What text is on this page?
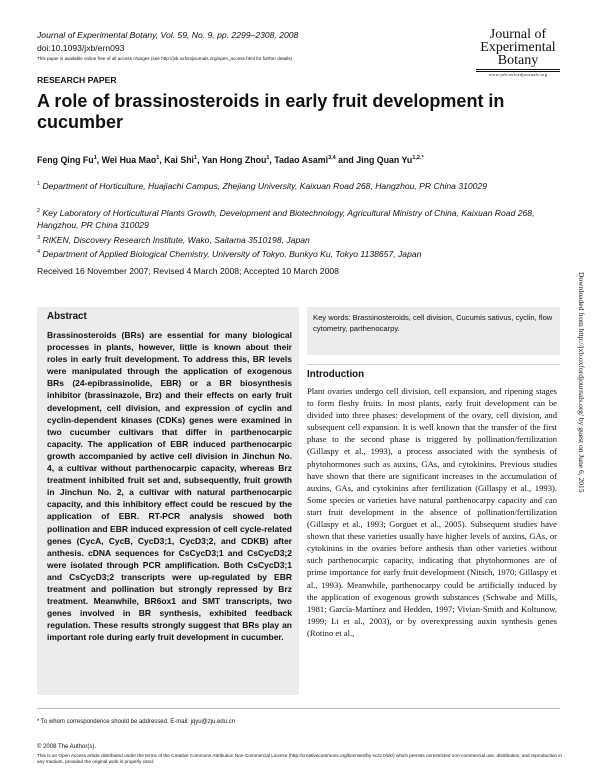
Journal of Experimental Botany, Vol. 59, No. 9, pp. 2299–2308, 2008
doi:10.1093/jxb/ern093
This paper is available online free of all access charges (see http://jxb.oxfordjournals.org/open_access.html for further details)
Journal of
Experimental
Botany
www.jxb.oxfordjournals.org
RESEARCH PAPER
A role of brassinosteroids in early fruit development in cucumber
Feng Qing Fu$^1$, Wei Hua Mao$^1$, Kai Shi$^1$, Yan Hong Zhou$^1$, Tadao Asami$^{3,4}$ and Jing Quan $Yu^{1,2,*}$
$^1$ Department of Horticulture, Huajiachi Campus, Zhejiang University, Kaixuan Road 268, Hangzhou, PR China 310029
$^2$ Key Laboratory of Horticultural Plants Growth, Development and Biotechnology, Agricultural Ministry of China, Kaixuan Road 268, Hangzhou, PR China 310029
$^3$ RIKEN, Discovery Research Institute, Wako, Saitama 3510198, Japan
$^4$ Department of Applied Biological Chemistry, University of Tokyo, Bunkyo Ku, Tokyo 1138657, Japan
Received 16 November 2007; Revised 4 March 2008; Accepted 10 March 2008
Downloaded from http://jxb.oxfordjournals.org/ by guest on June 6, 2015
Abstract
Brassinosteroids (BRs) are essential for many biological processes in plants, however, little is known about their roles in early fruit development. To address this, BR levels were manipulated through the application of exogenous BRs (24-epibrassinolide, EBR) or a BR biosynthesis inhibitor (brassinazole, Brz) and their effects on early fruit development, cell division, and expression of cyclin and cyclin-dependent kinases (CDKs) genes were examined in two cucumber cultivars that differ in parthenocarpic capacity. The application of EBR induced parthenocarpic growth accompanied by active cell division in Jinchun No. 4, a cultivar without parthenocarpic capacity, whereas Brz treatment inhibited fruit set and, subsequently, fruit growth in Jinchun No. 2, a cultivar with natural parthenocarpic capacity, and this inhibitory effect could be rescued by the application of EBR. RT-PCR analysis showed both pollination and EBR induced expression of cell cycle-related genes (CycA, CycB, CycD3;1, CycD3;2, and CDKB) after anthesis. cDNA sequences for CsCycD3;1 and CsCycD3;2 were isolated through PCR amplification. Both CsCycD3;1 and CsCycD3;2 transcripts were up-regulated by EBR treatment and pollination but strongly repressed by Brz treatment. Meanwhile, BR6ox1 and SMT transcripts, two genes involved in BR synthesis, exhibited feedback regulation. These results strongly suggest that BRs play an important role during early fruit development in cucumber.
Key words: Brassinosteroids, cell division, Cucumis sativus, cyclin, flow cytometry, parthenocarpy.
Introduction
Plant ovaries undergo cell division, cell expansion, and ripening stages to form fleshy fruits. In most plants, early fruit development can be divided into three phases: development of the ovary, cell division, and subsequent cell expansion. It is well known that the transfer of the first phase to the second phase is triggered by pollination/fertilization (Gillaspy et al., 1993), a process associated with the synthesis of phytohormones such as auxins, GAs, and cytokinins. Previous studies have shown that there are significant increases in the accumulation of auxins, GAs, and cytokinins after fertilization (Gillaspy et al., 1993). Some species or varieties have natural parthenocarpy capacity and can start fruit development in the absence of pollination/fertilization (Gillaspy et al., 1993; Gorguet et al., 2005). Subsequent studies have shown that these varieties usually have higher levels of auxins, GAs, or cytokinins in the ovaries before anthesis than other varieties without such parthenocarpic capacity, indicating that phytohormones are of prime importance for early fruit development (Nitsch, 1970; Gillaspy et al., 1993). Meanwhile, parthenocarpy could be artificially induced by the application of exogenous growth substances (Schwabe and Mills, 1981; García-Martínez and Hedden, 1997; Vivian-Smith and Koltunow, 1999; Li et al., 2003), or by overexpressing auxin synthesis genes (Rotino et al.,
* To whom correspondence should be addressed. E-mail: jqyu@zju.edu.cn
© 2008 The Author(s).
This is an Open Access article distributed under the terms of the Creative Commons Attribution Non-Commercial License (http://creativecommons.org/licenses/by-nc/2.0/uk/) which permits unrestricted non-commercial use, distribution, and reproduction in any medium, provided the original work is properly cited.
